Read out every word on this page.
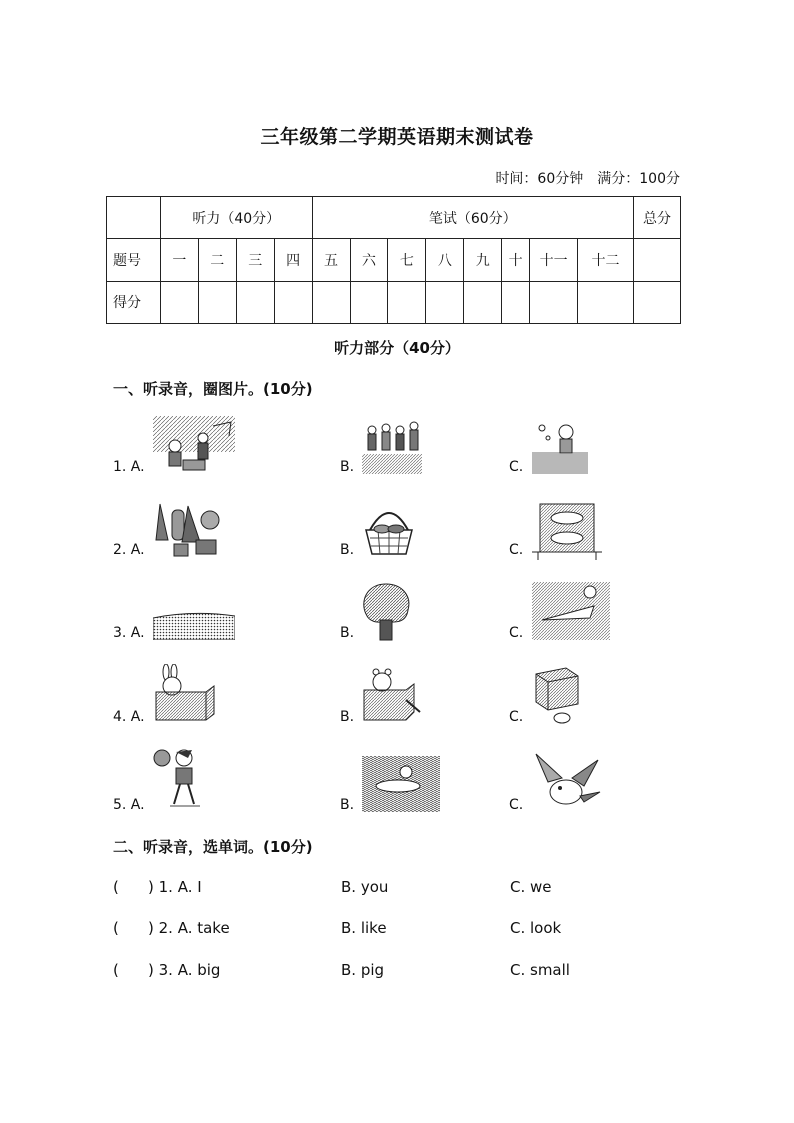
三年级第二学期英语期末测试卷
时间：60分钟 满分：100分
	听力（40分）				笔试（60分）								总分
题号	一	二	三	四	五	六	七	八	九	十	十一	十二	
得分													
听力部分（40分）
一、听录音，圈图片。(10分)
1. A.	B.	C.
2. A.	B.	C.
3. A.	B.	C.
4. A.	B.	C.
5. A.	B.	C.
二、听录音，选单词。(10分)
(	) 1. A. I	B. you	C. we
(	) 2. A. take	B. like	C. look
(	) 3. A. big	B. pig	C. small
